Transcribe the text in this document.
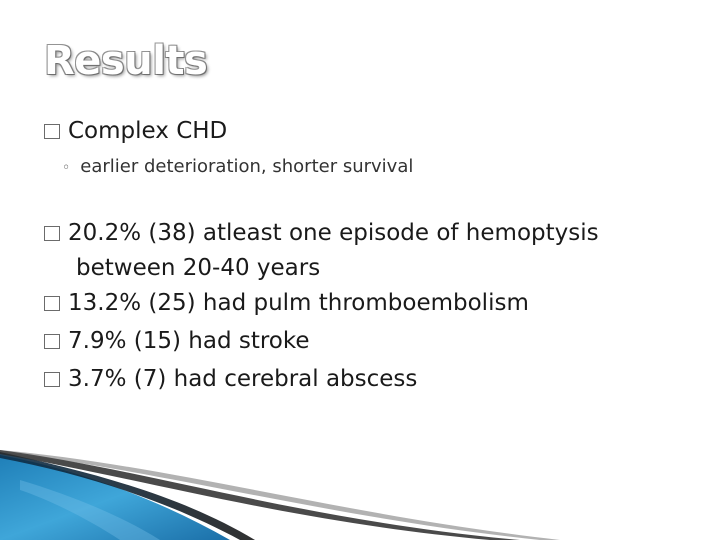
Results
Complex CHD
◦ earlier deterioration, shorter survival
20.2% (38) atleast one episode of hemoptysis
between 20-40 years
13.2% (25) had pulm thromboembolism
7.9% (15) had stroke
3.7% (7) had cerebral abscess
